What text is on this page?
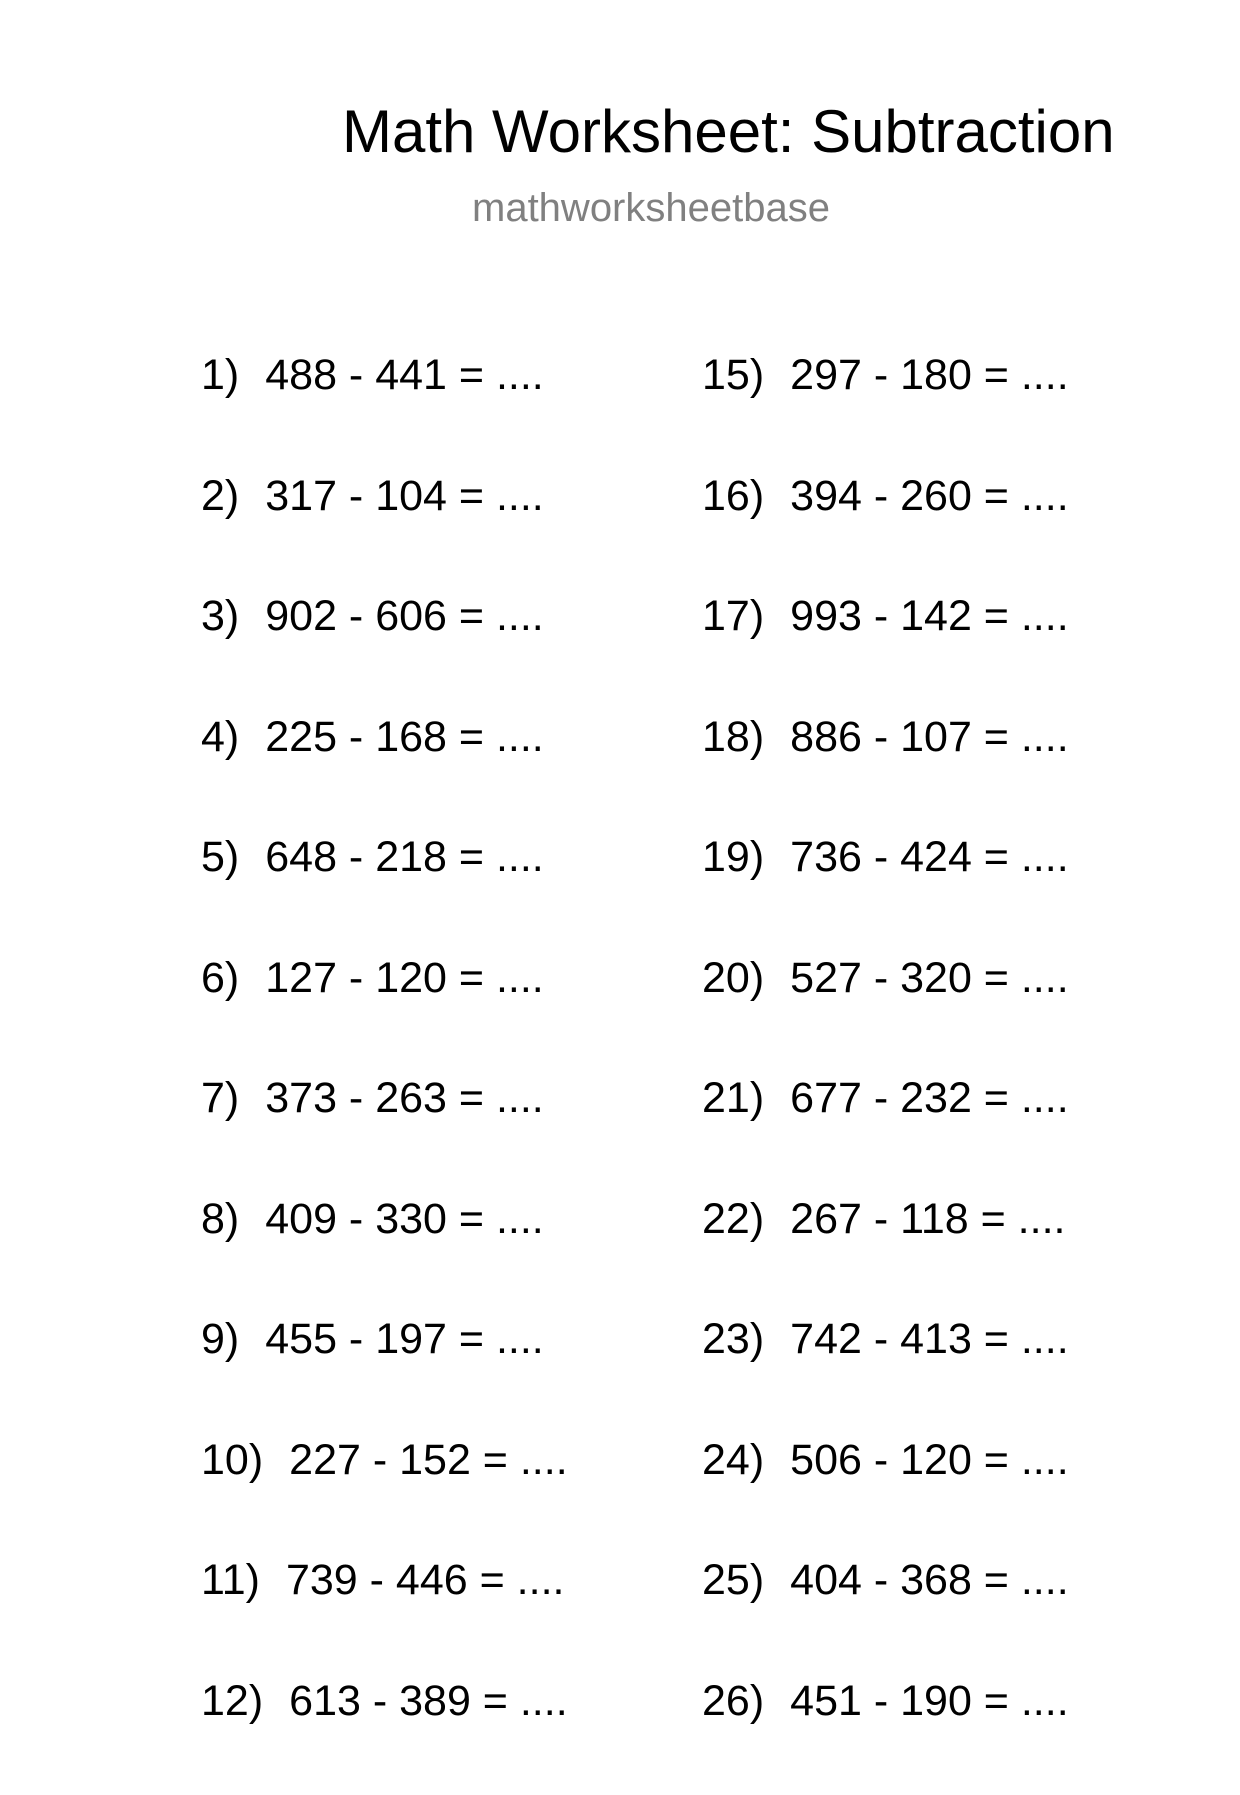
Math Worksheet: Subtraction
mathworksheetbase
1) 488 - 441 = ....
2) 317 - 104 = ....
3) 902 - 606 = ....
4) 225 - 168 = ....
5) 648 - 218 = ....
6) 127 - 120 = ....
7) 373 - 263 = ....
8) 409 - 330 = ....
9) 455 - 197 = ....
10) 227 - 152 = ....
11) 739 - 446 = ....
12) 613 - 389 = ....
15) 297 - 180 = ....
16) 394 - 260 = ....
17) 993 - 142 = ....
18) 886 - 107 = ....
19) 736 - 424 = ....
20) 527 - 320 = ....
21) 677 - 232 = ....
22) 267 - 118 = ....
23) 742 - 413 = ....
24) 506 - 120 = ....
25) 404 - 368 = ....
26) 451 - 190 = ....
